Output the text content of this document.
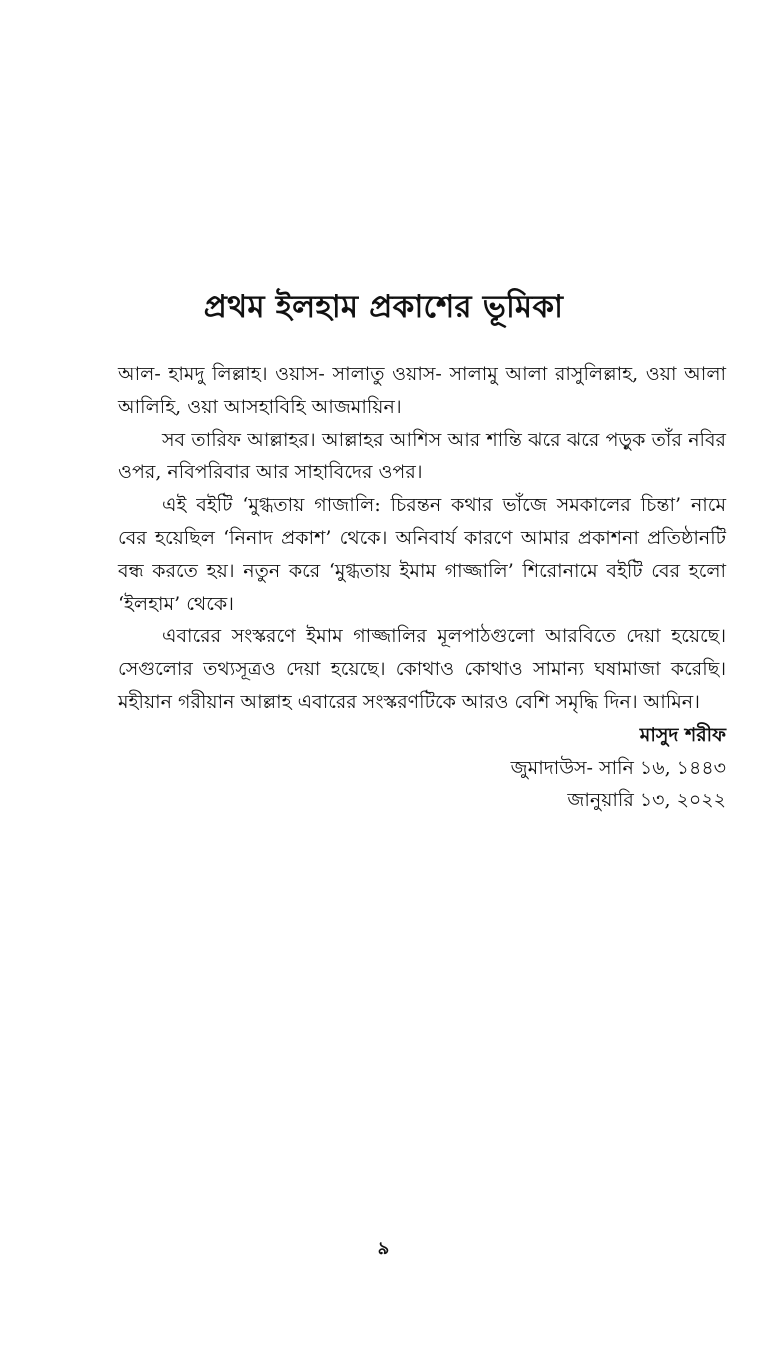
প্রথম ইলহাম প্রকাশের ভূমিকা

আল- হামদু লিল্লাহ। ওয়াস- সালাতু ওয়াস- সালামু আলা রাসুলিল্লাহ, ওয়া আলা আলিহি, ওয়া আসহাবিহি আজমায়িন।

সব তারিফ আল্লাহর। আল্লাহর আশিস আর শান্তি ঝরে ঝরে পড়ুক তাঁর নবির ওপর, নবিপরিবার আর সাহাবিদের ওপর।

এই বইটি ‘মুগ্ধতায় গাজালি: চিরন্তন কথার ভাঁজে সমকালের চিন্তা’ নামে বের হয়েছিল ‘নিনাদ প্রকাশ’ থেকে। অনিবার্য কারণে আমার প্রকাশনা প্রতিষ্ঠানটি বন্ধ করতে হয়। নতুন করে ‘মুগ্ধতায় ইমাম গাজ্জালি’ শিরোনামে বইটি বের হলো ‘ইলহাম’ থেকে।

এবারের সংস্করণে ইমাম গাজ্জালির মূলপাঠগুলো আরবিতে দেয়া হয়েছে। সেগুলোর তথ্যসূত্রও দেয়া হয়েছে। কোথাও কোথাও সামান্য ঘষামাজা করেছি। মহীয়ান গরীয়ান আল্লাহ এবারের সংস্করণটিকে আরও বেশি সমৃদ্ধি দিন। আমিন।

মাসুদ শরীফ

জুমাদাউস- সানি ১৬, ১৪৪৩

জানুয়ারি ১৩, ২০২২

৯
